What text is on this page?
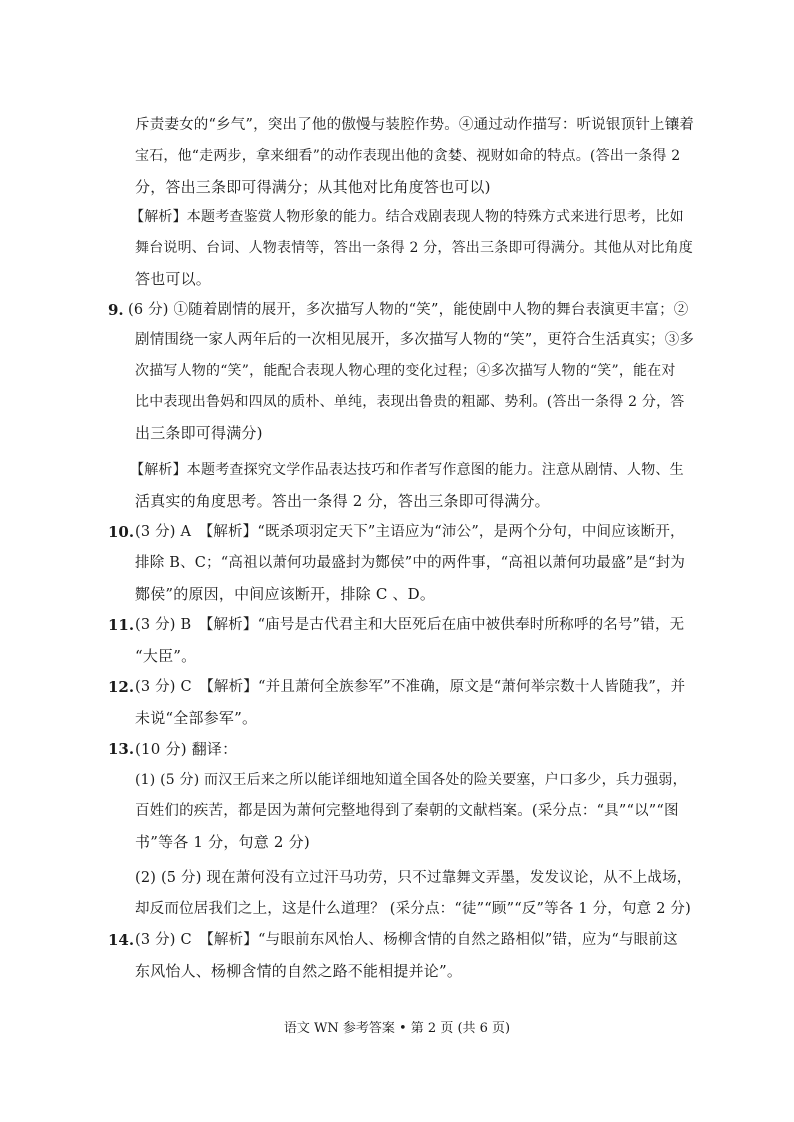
斥责妻女的“乡气”，突出了他的傲慢与装腔作势。④通过动作描写：听说银顶针上镶着
宝石，他“走两步，拿来细看”的动作表现出他的贪婪、视财如命的特点。(答出一条得 2
分，答出三条即可得满分；从其他对比角度答也可以)
【解析】本题考查鉴赏人物形象的能力。结合戏剧表现人物的特殊方式来进行思考，比如
舞台说明、台词、人物表情等，答出一条得 2 分，答出三条即可得满分。其他从对比角度
答也可以。
9. (6 分) ①随着剧情的展开，多次描写人物的“笑”，能使剧中人物的舞台表演更丰富；②
剧情围绕一家人两年后的一次相见展开，多次描写人物的“笑”，更符合生活真实；③多
次描写人物的“笑”，能配合表现人物心理的变化过程；④多次描写人物的“笑”，能在对
比中表现出鲁妈和四凤的质朴、单纯，表现出鲁贵的粗鄙、势利。(答出一条得 2 分，答
出三条即可得满分)
【解析】本题考查探究文学作品表达技巧和作者写作意图的能力。注意从剧情、人物、生
活真实的角度思考。答出一条得 2 分，答出三条即可得满分。
10. (3 分) A　【解析】“既杀项羽定天下”主语应为“沛公”，是两个分句，中间应该断开，
排除 B、C；“高祖以萧何功最盛封为酂侯”中的两件事，“高祖以萧何功最盛”是“封为
酂侯”的原因，中间应该断开，排除 C 、D。
11. (3 分) B　【解析】“庙号是古代君主和大臣死后在庙中被供奉时所称呼的名号”错，无
“大臣”。
12. (3 分) C　【解析】“并且萧何全族参军”不准确，原文是“萧何举宗数十人皆随我”，并
未说“全部参军”。
13. (10 分) 翻译：
(1) (5 分) 而汉王后来之所以能详细地知道全国各处的险关要塞，户口多少，兵力强弱，
百姓们的疾苦，都是因为萧何完整地得到了秦朝的文献档案。(采分点：“具”“以”“图
书”等各 1 分，句意 2 分)
(2) (5 分) 现在萧何没有立过汗马功劳，只不过靠舞文弄墨，发发议论，从不上战场，
却反而位居我们之上，这是什么道理？ (采分点：“徒”“顾”“反”等各 1 分，句意 2 分)
14. (3 分) C　【解析】“与眼前东风怡人、杨柳含情的自然之路相似”错，应为“与眼前这
东风怡人、杨柳含情的自然之路不能相提并论”。
语文 WN 参考答案 • 第 2 页 (共 6 页)
